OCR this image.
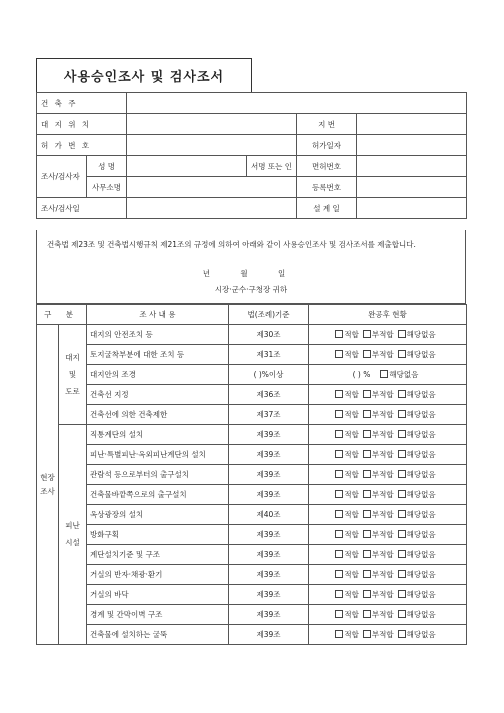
사용승인조사 및 검사조서
건 축 주					
대 지 위 치				지 번	
허 가 번 호				허가일자	
조사/검사자	성 명		서명 또는 인	면허번호	
	사무소명			등록번호	
조사/검사일				설 계 일	
건축법 제23조 및 건축법시행규칙 제21조의 규정에 의하여 아래와 같이 사용승인조사 및 검사조서를 제출합니다.
년 월 일
시장·군수·구청장 귀하
구 분		조 사 내 용	법(조례)기준	완공후 현황
현장조사	대지
및
도로	대지의 안전조치 등	제30조	적합 부적합 해당없음
		토지굴착부분에 대한 조치 등	제31조	적합 부적합 해당없음
		대지안의 조경	( )%이상	( ) % 해당없음
		건축선 지정	제36조	적합 부적합 해당없음
		건축선에 의한 건축제한	제37조	적합 부적합 해당없음

	피난
시설	직통계단의 설치	제39조	적합 부적합 해당없음
		피난·특별피난·옥외피난계단의 설치	제39조	적합 부적합 해당없음
		관람석 등으로부터의 출구설치	제39조	적합 부적합 해당없음
		건축물바깥쪽으로의 출구설치	제39조	적합 부적합 해당없음
		옥상광장의 설치	제40조	적합 부적합 해당없음
		방화구획	제39조	적합 부적합 해당없음
		계단설치기준 및 구조	제39조	적합 부적합 해당없음
		거실의 반자·채광·환기	제39조	적합 부적합 해당없음
		거실의 바닥	제39조	적합 부적합 해당없음
		경계 및 간막이벽 구조	제39조	적합 부적합 해당없음
		건축물에 설치하는 굴뚝	제39조	적합 부적합 해당없음
